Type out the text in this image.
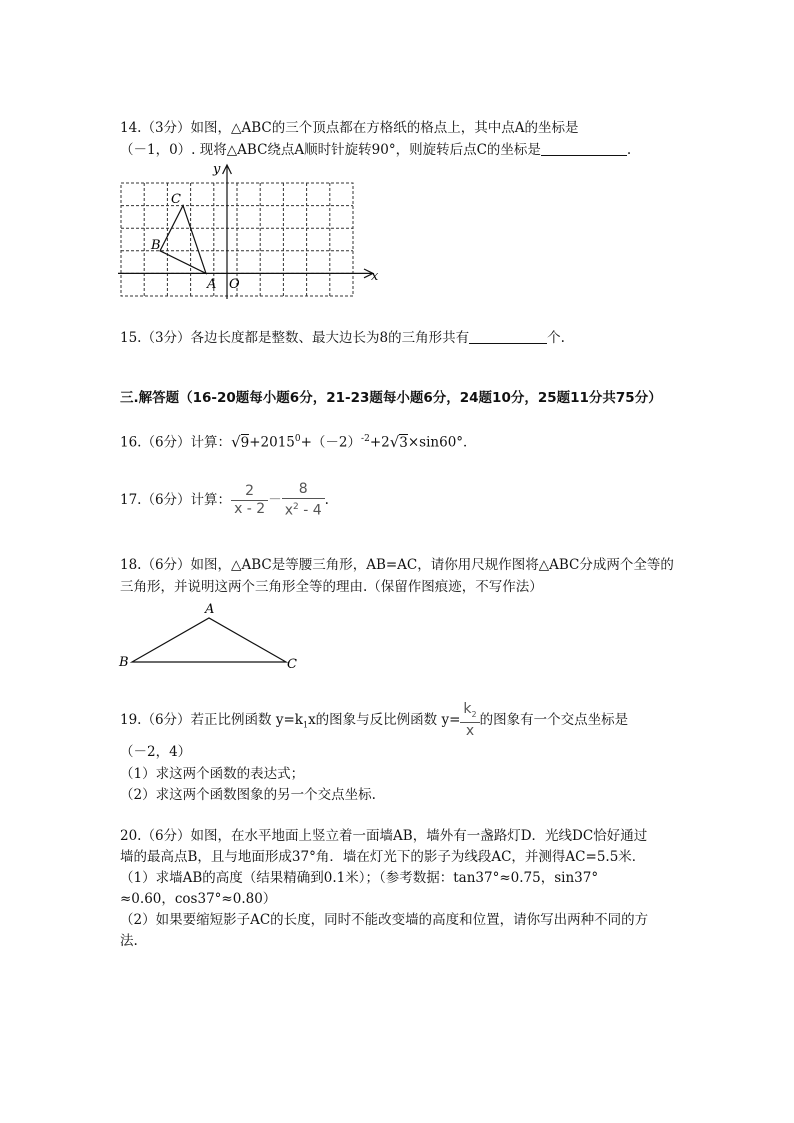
14.（3分）如图，△ABC的三个顶点都在方格纸的格点上，其中点A的坐标是
（－1，0）. 现将△ABC绕点A顺时针旋转90°，则旋转后点C的坐标是	.
y
x
O
A
B
C
15.（3分）各边长度都是整数、最大边长为8的三角形共有	个.
三.解答题（16-20题每小题6分，21-23题每小题6分，24题10分，25题11分共75分）
16.（6分）计算：$√9+2015^0+(-2)^{-2}+2√3\times\sin 60^\circ$．
17.（6分）计算： $\frac{2}{x - 2} - \frac{8}{x^2 - 4}$ .
18.（6分）如图，△ABC是等腰三角形，AB=AC，请你用尺规作图将△ABC分成两个全等的
三角形，并说明这两个三角形全等的理由.（保留作图痕迹，不写作法）
A
B	C
19.（6分）若正比例函数 $y=k_1x$的图象与反比例函数 $y= \frac{k_2}{x}$ 的图象有一个交点坐标是
（－2，4）
（1）求这两个函数的表达式；
（2）求这两个函数图象的另一个交点坐标.
20.（6分）如图，在水平地面上竖立着一面墙AB，墙外有一盏路灯D．光线DC恰好通过
墙的最高点B，且与地面形成37°角．墙在灯光下的影子为线段AC，并测得AC=5.5米．
（1）求墙AB的高度（结果精确到0.1米）；（参考数据：tan37°≈0.75，sin37°
≈0.60，cos37°≈0.80）
（2）如果要缩短影子AC的长度，同时不能改变墙的高度和位置，请你写出两种不同的方
法.
